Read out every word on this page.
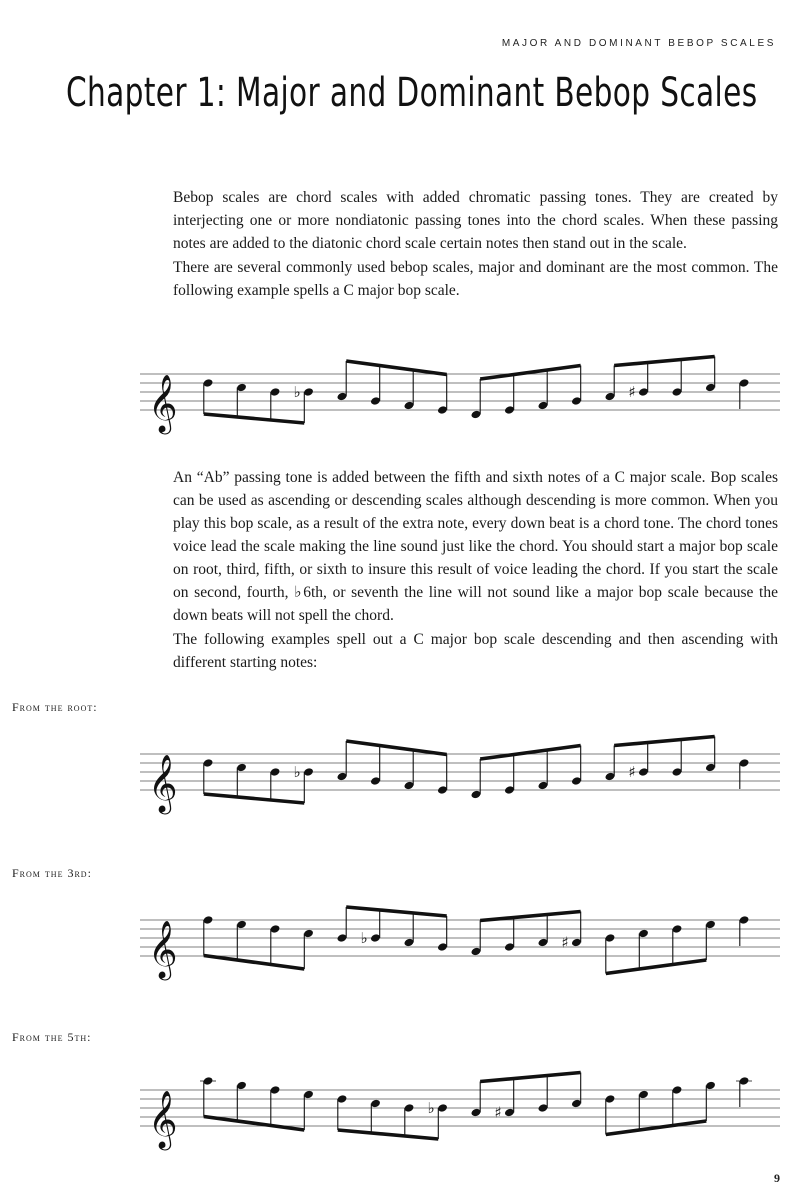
MAJOR AND DOMINANT BEBOP SCALES
Chapter 1: Major and Dominant Bebop Scales

Bebop scales are chord scales with added chromatic passing tones. They are created by interjecting one or more nondiatonic passing tones into the chord scales. When these passing notes are added to the diatonic chord scale certain notes then stand out in the scale.

There are several commonly used bebop scales, major and dominant are the most common. The following example spells a C major bop scale.

𝄞	♭	♯

An “Ab” passing tone is added between the fifth and sixth notes of a C major scale. Bop scales can be used as ascending or descending scales although descending is more common. When you play this bop scale, as a result of the extra note, every down beat is a chord tone. The chord tones voice lead the scale making the line sound just like the chord. You should start a major bop scale on root, third, fifth, or sixth to insure this result of voice leading the chord. If you start the scale on second, fourth, ♭6th, or seventh the line will not sound like a major bop scale because the down beats will not spell the chord.

The following examples spell out a C major bop scale descending and then ascending with different starting notes:

From the root:
𝄞	♭	♯
From the 3rd:
𝄞	♭	♯
From the 5th:
𝄞	♭	♯
9
